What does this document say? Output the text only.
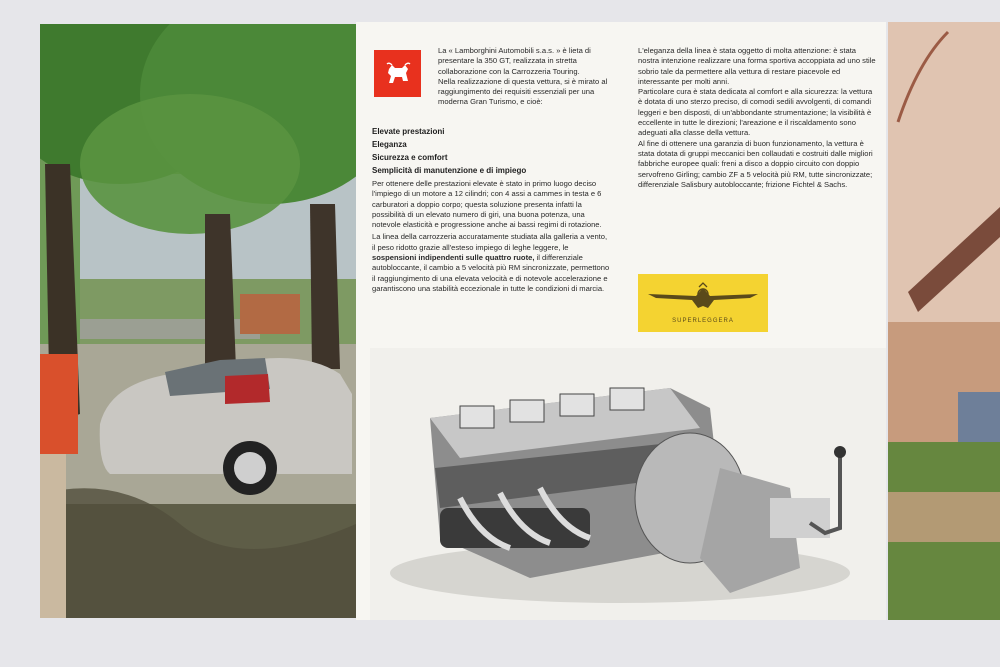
La « Lamborghini Automobili s.a.s. » è lieta di presentare la 350 GT, realizzata in stretta collaborazione con la Carrozzeria Touring.

Nella realizzazione di questa vettura, si è mirato al raggiungimento dei requisiti essenziali per una moderna Gran Turismo, e cioè:

Elevate prestazioni
Eleganza
Sicurezza e comfort
Semplicità di manutenzione e di impiego

Per ottenere delle prestazioni elevate è stato in primo luogo deciso l'impiego di un motore a 12 cilindri; con 4 assi a cammes in testa e 6 carburatori a doppio corpo; questa soluzione presenta infatti la possibilità di un elevato numero di giri, una buona potenza, una notevole elasticità e progressione anche ai bassi regimi di rotazione.

La linea della carrozzeria accuratamente studiata alla galleria a vento, il peso ridotto grazie all'esteso impiego di leghe leggere, le sospensioni indipendenti sulle quattro ruote, il differenziale autobloccante, il cambio a 5 velocità più RM sincronizzate, permettono il raggiungimento di una elevata velocità e di notevole accelerazione e garantiscono una stabilità eccezionale in tutte le condizioni di marcia.

L'eleganza della linea è stata oggetto di molta attenzione: è stata nostra intenzione realizzare una forma sportiva accoppiata ad uno stile sobrio tale da permettere alla vettura di restare piacevole ed interessante per molti anni.

Particolare cura è stata dedicata al comfort e alla sicurezza: la vettura è dotata di uno sterzo preciso, di comodi sedili avvolgenti, di comandi leggeri e ben disposti, di un'abbondante strumentazione; la visibilità è eccellente in tutte le direzioni; l'areazione e il riscaldamento sono adeguati alla classe della vettura.

Al fine di ottenere una garanzia di buon funzionamento, la vettura è stata dotata di gruppi meccanici ben collaudati e costruiti dalle migliori fabbriche europee quali: freni a disco a doppio circuito con doppio servofreno Girling; cambio ZF a 5 velocità più RM, tutte sincronizzate; differenziale Salisbury autobloccante; frizione Fichtel & Sachs.

SUPERLEGGERA
